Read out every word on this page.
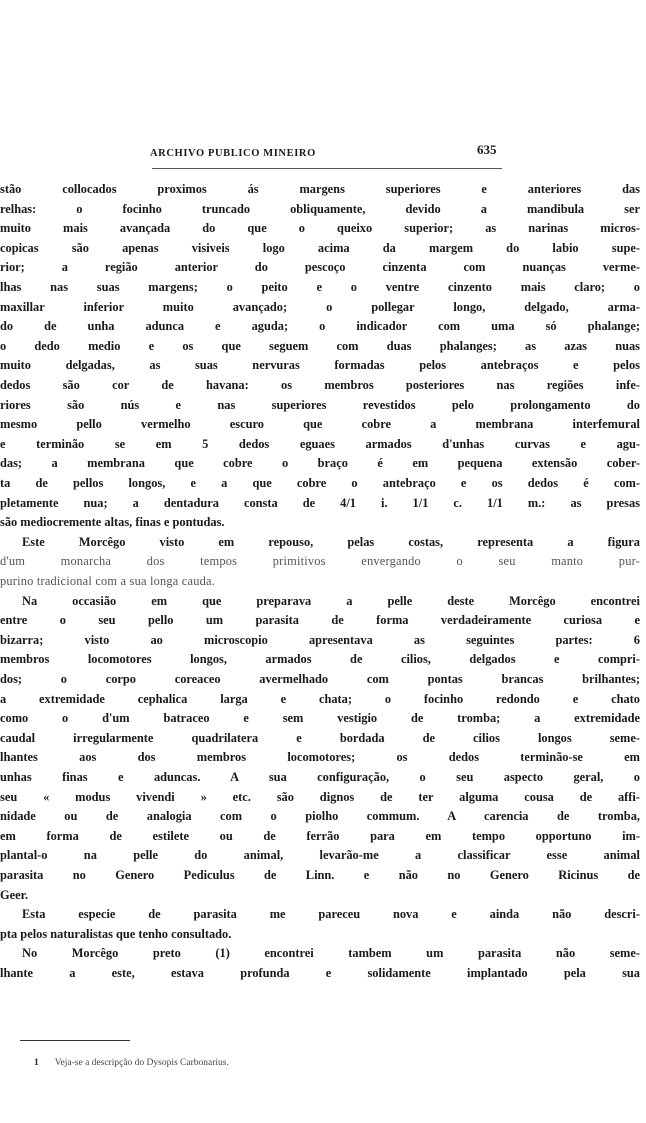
ARCHIVO PUBLICO MINEIRO	635
stão collocados proximos ás margens superiores e anteriores das
relhas: o focinho truncado obliquamente, devido a mandibula ser
muito mais avançada do que o queixo superior; as narinas micros-
copicas são apenas visiveis logo acima da margem do labio supe-
rior; a região anterior do pescoço cinzenta com nuanças verme-
lhas nas suas margens; o peito e o ventre cinzento mais claro; o
maxillar inferior muito avançado; o pollegar longo, delgado, arma-
do de unha adunca e aguda; o indicador com uma só phalange;
o dedo medio e os que seguem com duas phalanges; as azas nuas
muito delgadas, as suas nervuras formadas pelos antebraços e pelos
dedos são cor de havana: os membros posteriores nas regiões infe-
riores são nús e nas superiores revestidos pelo prolongamento do
mesmo pello vermelho escuro que cobre a membrana interfemural
e terminão se em 5 dedos eguaes armados d'unhas curvas e agu-
das; a membrana que cobre o braço é em pequena extensão cober-
ta de pellos longos, e a que cobre o antebraço e os dedos é com-
pletamente nua; a dentadura consta de 4/1 i. 1/1 c. 1/1 m.: as presas
são mediocremente altas, finas e pontudas.
Este Morcêgo visto em repouso, pelas costas, representa a figura
d'um monarcha dos tempos primitivos envergando o seu manto pur-
purino tradicional com a sua longa cauda.
Na occasião em que preparava a pelle deste Morcêgo encontrei
entre o seu pello um parasita de forma verdadeiramente curiosa e
bizarra; visto ao microscopio apresentava as seguintes partes: 6
membros locomotores longos, armados de cilios, delgados e compri-
dos; o corpo coreaceo avermelhado com pontas brancas brilhantes;
a extremidade cephalica larga e chata; o focinho redondo e chato
como o d'um batraceo e sem vestigio de tromba; a extremidade
caudal irregularmente quadrilatera e bordada de cilios longos seme-
lhantes aos dos membros locomotores; os dedos terminão-se em
unhas finas e aduncas. A sua configuração, o seu aspecto geral, o
seu « modus vivendi » etc. são dignos de ter alguma cousa de affi-
nidade ou de analogia com o piolho commum. A carencia de tromba,
em forma de estilete ou de ferrão para em tempo opportuno im-
plantal-o na pelle do animal, levarão-me a classificar esse animal
parasita no Genero Pediculus de Linn. e não no Genero Ricinus de
Geer.
Esta especie de parasita me pareceu nova e ainda não descri-
pta pelos naturalistas que tenho consultado.
No Morcêgo preto (1) encontrei tambem um parasita não seme-
lhante a este, estava profunda e solidamente implantado pela sua
1 Veja-se a descripção do Dysopis Carbonarius.
